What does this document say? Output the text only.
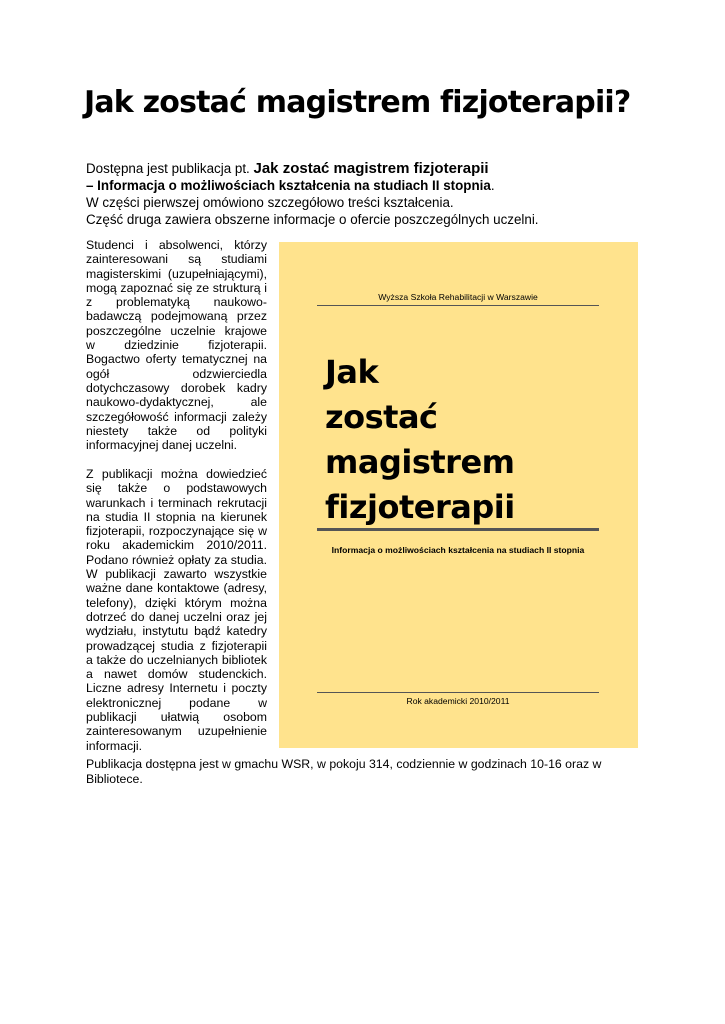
Jak zostać magistrem fizjoterapii?
Dostępna jest publikacja pt. Jak zostać magistrem fizjoterapii
– Informacja o możliwościach kształcenia na studiach II stopnia.
W części pierwszej omówiono szczegółowo treści kształcenia.
Część druga zawiera obszerne informacje o ofercie poszczególnych uczelni.

Studenci i absolwenci, którzy zainteresowani są studiami magisterskimi (uzupełniającymi), mogą zapoznać się ze strukturą i z problematyką naukowo-badawczą podejmowaną przez poszczególne uczelnie krajowe w dziedzinie fizjoterapii. Bogactwo oferty tematycznej na ogół odzwierciedla dotychczasowy dorobek kadry naukowo-dydaktycznej, ale szczegółowość informacji zależy niestety także od polityki informacyjnej danej uczelni.

Z publikacji można dowiedzieć się także o podstawowych warunkach i terminach rekrutacji na studia II stopnia na kierunek fizjoterapii, rozpoczynające się w roku akademickim 2010/2011. Podano również opłaty za studia. W publikacji zawarto wszystkie ważne dane kontaktowe (adresy, telefony), dzięki którym można dotrzeć do danej uczelni oraz jej wydziału, instytutu bądź katedry prowadzącej studia z fizjoterapii a także do uczelnianych bibliotek a nawet domów studenckich. Liczne adresy Internetu i poczty elektronicznej podane w publikacji ułatwią osobom zainteresowanym uzupełnienie informacji.

Wyższa Szkoła Rehabilitacji w Warszawie
Jak
zostać
magistrem
fizjoterapii
Informacja o możliwościach kształcenia na studiach II stopnia
Rok akademicki 2010/2011
Publikacja dostępna jest w gmachu WSR, w pokoju 314, codziennie w godzinach 10-16 oraz w Bibliotece.
